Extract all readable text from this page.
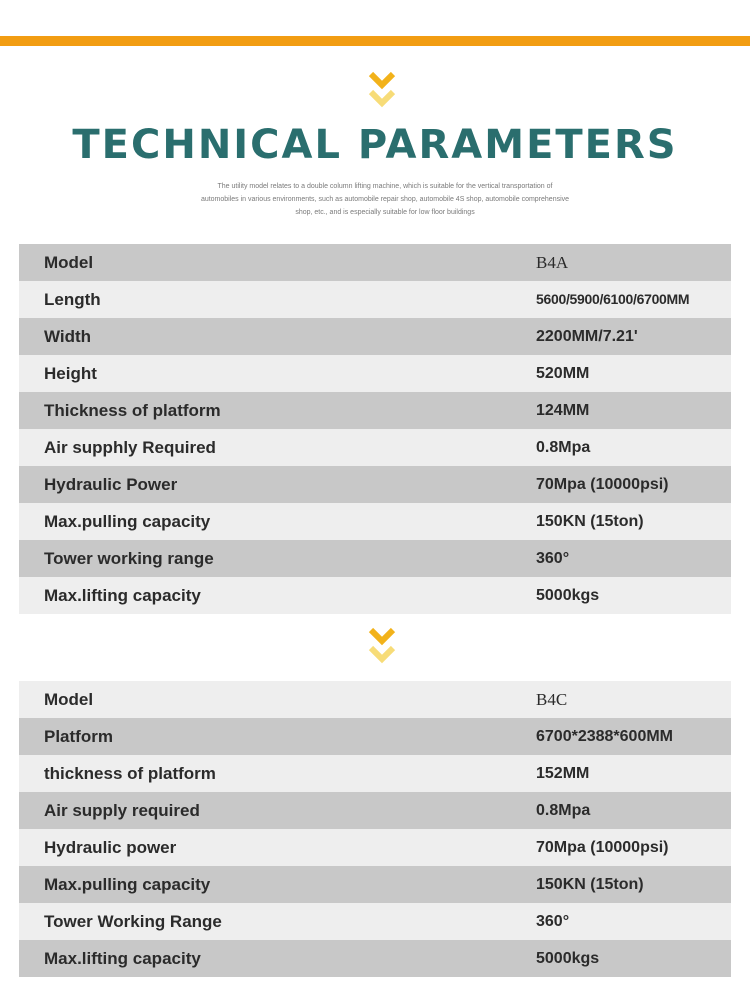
TECHNICAL PARAMETERS

The utility model relates to a double column lifting machine, which is suitable for the vertical transportation of
automobiles in various environments, such as automobile repair shop, automobile 4S shop, automobile comprehensive
shop, etc., and is especially suitable for low floor buildings

Model	B4A
Length	5600/5900/6100/6700MM
Width	2200MM/7.21'
Height	520MM
Thickness of platform	124MM
Air supphly Required	0.8Mpa
Hydraulic Power	70Mpa (10000psi)
Max.pulling capacity	150KN (15ton)
Tower working range	360°
Max.lifting capacity	5000kgs
Model	B4C
Platform	6700*2388*600MM
thickness of platform	152MM
Air supply required	0.8Mpa
Hydraulic power	70Mpa (10000psi)
Max.pulling capacity	150KN (15ton)
Tower Working Range	360°
Max.lifting capacity	5000kgs
